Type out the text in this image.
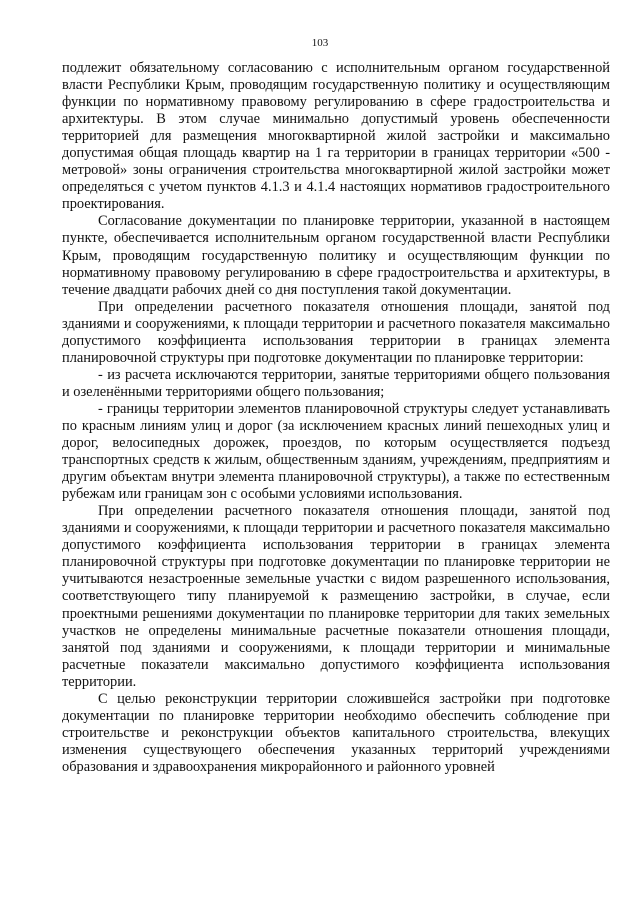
103

подлежит обязательному согласованию с исполнительным органом государственной власти Республики Крым, проводящим государственную политику и осуществляющим функции по нормативному правовому регулированию в сфере градостроительства и архитектуры. В этом случае минимально допустимый уровень обеспеченности территорией для размещения многоквартирной жилой застройки и максимально допустимая общая площадь квартир на 1 га территории в границах территории «500 - метровой» зоны ограничения строительства многоквартирной жилой застройки может определяться с учетом пунктов 4.1.3 и 4.1.4 настоящих нормативов градостроительного проектирования.

Согласование документации по планировке территории, указанной в настоящем пункте, обеспечивается исполнительным органом государственной власти Республики Крым, проводящим государственную политику и осуществляющим функции по нормативному правовому регулированию в сфере градостроительства и архитектуры, в течение двадцати рабочих дней со дня поступления такой документации.

При определении расчетного показателя отношения площади, занятой под зданиями и сооружениями, к площади территории и расчетного показателя максимально допустимого коэффициента использования территории в границах элемента планировочной структуры при подготовке документации по планировке территории:

- из расчета исключаются территории, занятые территориями общего пользования и озеленёнными территориями общего пользования;

- границы территории элементов планировочной структуры следует устанавливать по красным линиям улиц и дорог (за исключением красных линий пешеходных улиц и дорог, велосипедных дорожек, проездов, по которым осуществляется подъезд транспортных средств к жилым, общественным зданиям, учреждениям, предприятиям и другим объектам внутри элемента планировочной структуры), а также по естественным рубежам или границам зон с особыми условиями использования.

При определении расчетного показателя отношения площади, занятой под зданиями и сооружениями, к площади территории и расчетного показателя максимально допустимого коэффициента использования территории в границах элемента планировочной структуры при подготовке документации по планировке территории не учитываются незастроенные земельные участки с видом разрешенного использования, соответствующего типу планируемой к размещению застройки, в случае, если проектными решениями документации по планировке территории для таких земельных участков не определены минимальные расчетные показатели отношения площади, занятой под зданиями и сооружениями, к площади территории и минимальные расчетные показатели максимально допустимого коэффициента использования территории.

С целью реконструкции территории сложившейся застройки при подготовке документации по планировке территории необходимо обеспечить соблюдение при строительстве и реконструкции объектов капитального строительства, влекущих изменения существующего обеспечения указанных территорий учреждениями образования и здравоохранения микрорайонного и районного уровней
